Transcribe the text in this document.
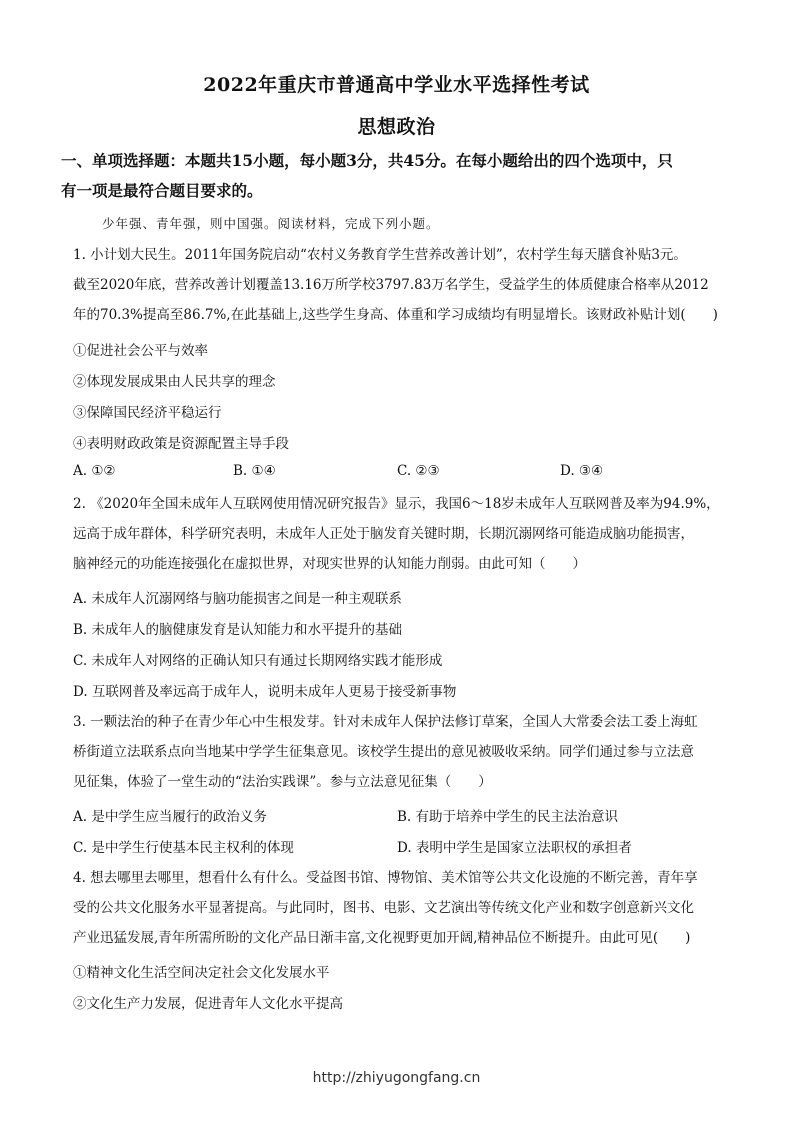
2022年重庆市普通高中学业水平选择性考试
思想政治
一、单项选择题：本题共15小题，每小题3分，共45分。在每小题给出的四个选项中，只
有一项是最符合题目要求的。
少年强、青年强，则中国强。阅读材料，完成下列小题。
1. 小计划大民生。2011年国务院启动“农村义务教育学生营养改善计划”，农村学生每天膳食补贴3元。
截至2020年底，营养改善计划覆盖13.16万所学校3797.83万名学生，受益学生的体质健康合格率从2012
年的70.3%提高至86.7%,在此基础上,这些学生身高、体重和学习成绩均有明显增长。该财政补贴计划(　　)
①促进社会公平与效率
②体现发展成果由人民共享的理念
③保障国民经济平稳运行
④表明财政政策是资源配置主导手段
A. ①②	B. ①④	C. ②③	D. ③④
2. 《2020年全国未成年人互联网使用情况研究报告》显示，我国6～18岁未成年人互联网普及率为94.9%，
远高于成年群体，科学研究表明，未成年人正处于脑发育关键时期，长期沉溺网络可能造成脑功能损害，
脑神经元的功能连接强化在虚拟世界，对现实世界的认知能力削弱。由此可知（　　）
A. 未成年人沉溺网络与脑功能损害之间是一种主观联系
B. 未成年人的脑健康发育是认知能力和水平提升的基础
C. 未成年人对网络的正确认知只有通过长期网络实践才能形成
D. 互联网普及率远高于成年人，说明未成年人更易于接受新事物
3. 一颗法治的种子在青少年心中生根发芽。针对未成年人保护法修订草案，全国人大常委会法工委上海虹
桥街道立法联系点向当地某中学学生征集意见。该校学生提出的意见被吸收采纳。同学们通过参与立法意
见征集，体验了一堂生动的“法治实践课”。参与立法意见征集（　　）
A. 是中学生应当履行的政治义务	B. 有助于培养中学生的民主法治意识
C. 是中学生行使基本民主权利的体现	D. 表明中学生是国家立法职权的承担者
4. 想去哪里去哪里，想看什么有什么。受益图书馆、博物馆、美术馆等公共文化设施的不断完善，青年享
受的公共文化服务水平显著提高。与此同时，图书、电影、文艺演出等传统文化产业和数字创意新兴文化
产业迅猛发展,青年所需所盼的文化产品日渐丰富,文化视野更加开阔,精神品位不断提升。由此可见(　　)
①精神文化生活空间决定社会文化发展水平
②文化生产力发展，促进青年人文化水平提高
http://zhiyugongfang.cn
